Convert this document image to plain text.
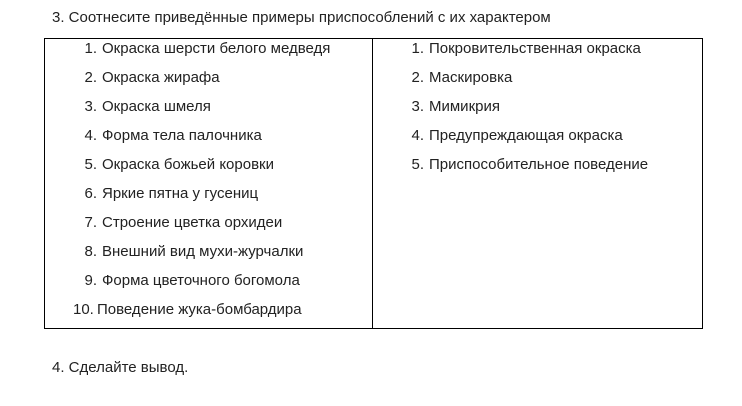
3. Соотнесите приведённые примеры приспособлений с их характером
1. Окраска шерсти белого медведя
2. Окраска жирафа
3. Окраска шмеля
4. Форма тела палочника
5. Окраска божьей коровки
6. Яркие пятна у гусениц
7. Строение цветка орхидеи
8. Внешний вид мухи-журчалки
9. Форма цветочного богомола
10. Поведение жука-бомбардира
1. Покровительственная окраска
2. Маскировка
3. Мимикрия
4. Предупреждающая окраска
5. Приспособительное поведение
4. Сделайте вывод.
